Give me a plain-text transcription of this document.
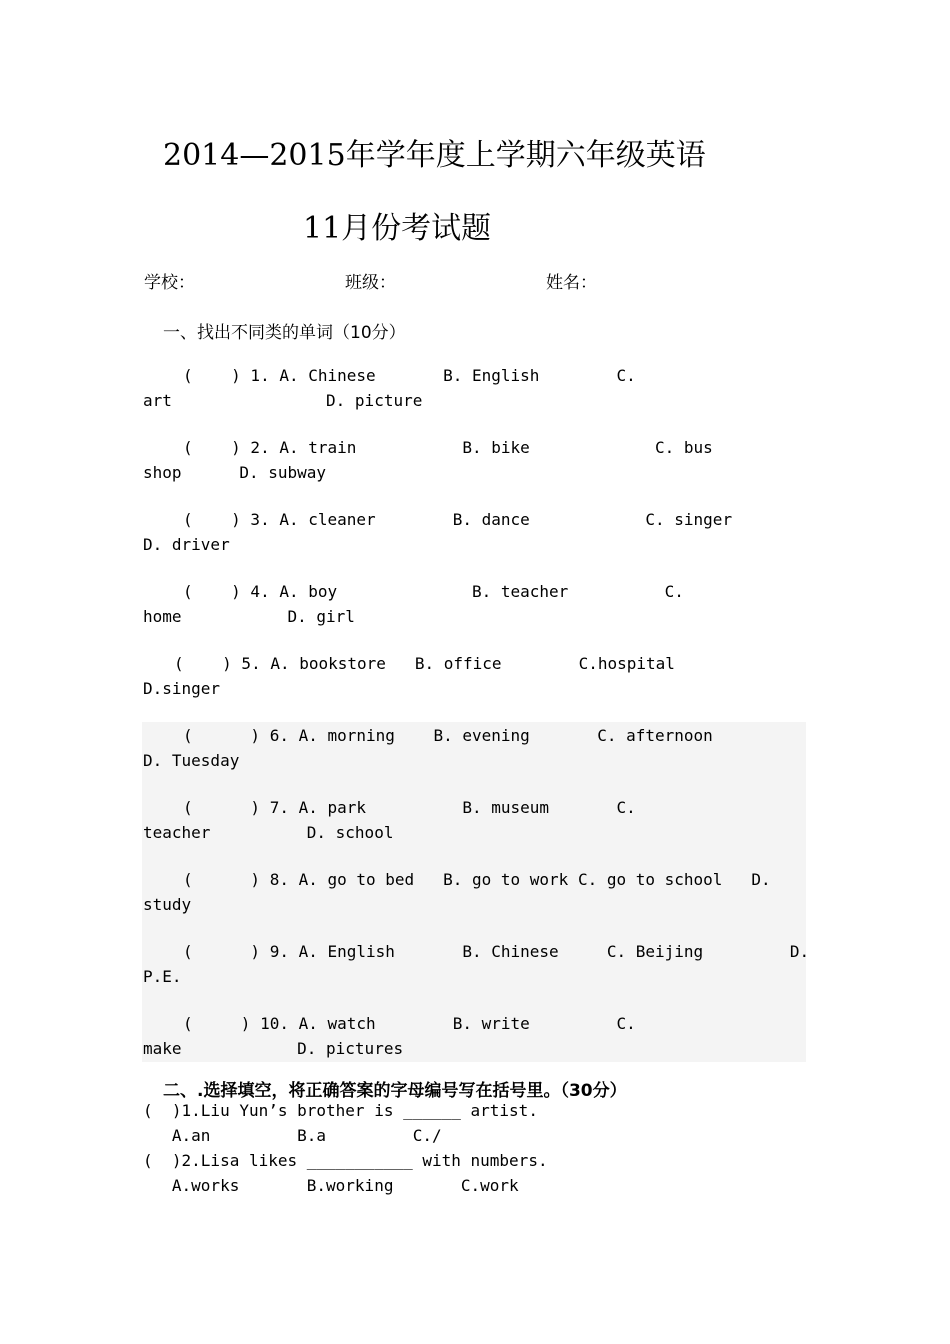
2014—2015年学年度上学期六年级英语
11月份考试题
学校：	班级：	姓名：
一、找出不同类的单词（10分）
(    ) 1. A. Chinese       B. English        C.
art                D. picture
(    ) 2. A. train           B. bike             C. bus
shop      D. subway
(    ) 3. A. cleaner        B. dance            C. singer
D. driver
(    ) 4. A. boy              B. teacher          C.
home           D. girl
(    ) 5. A. bookstore   B. office        C.hospital
D.singer
(      ) 6. A. morning    B. evening       C. afternoon
D. Tuesday
(      ) 7. A. park          B. museum       C.
teacher          D. school
(      ) 8. A. go to bed   B. go to work C. go to school   D.
study
(      ) 9. A. English       B. Chinese     C. Beijing         D.
P.E.
(     ) 10. A. watch        B. write         C.
make            D. pictures
二、.选择填空，将正确答案的字母编号写在括号里。（30分）
(  )1.Liu Yun’s brother is ______ artist.
A.an         B.a         C./
(  )2.Lisa likes ___________ with numbers.
A.works       B.working       C.work
